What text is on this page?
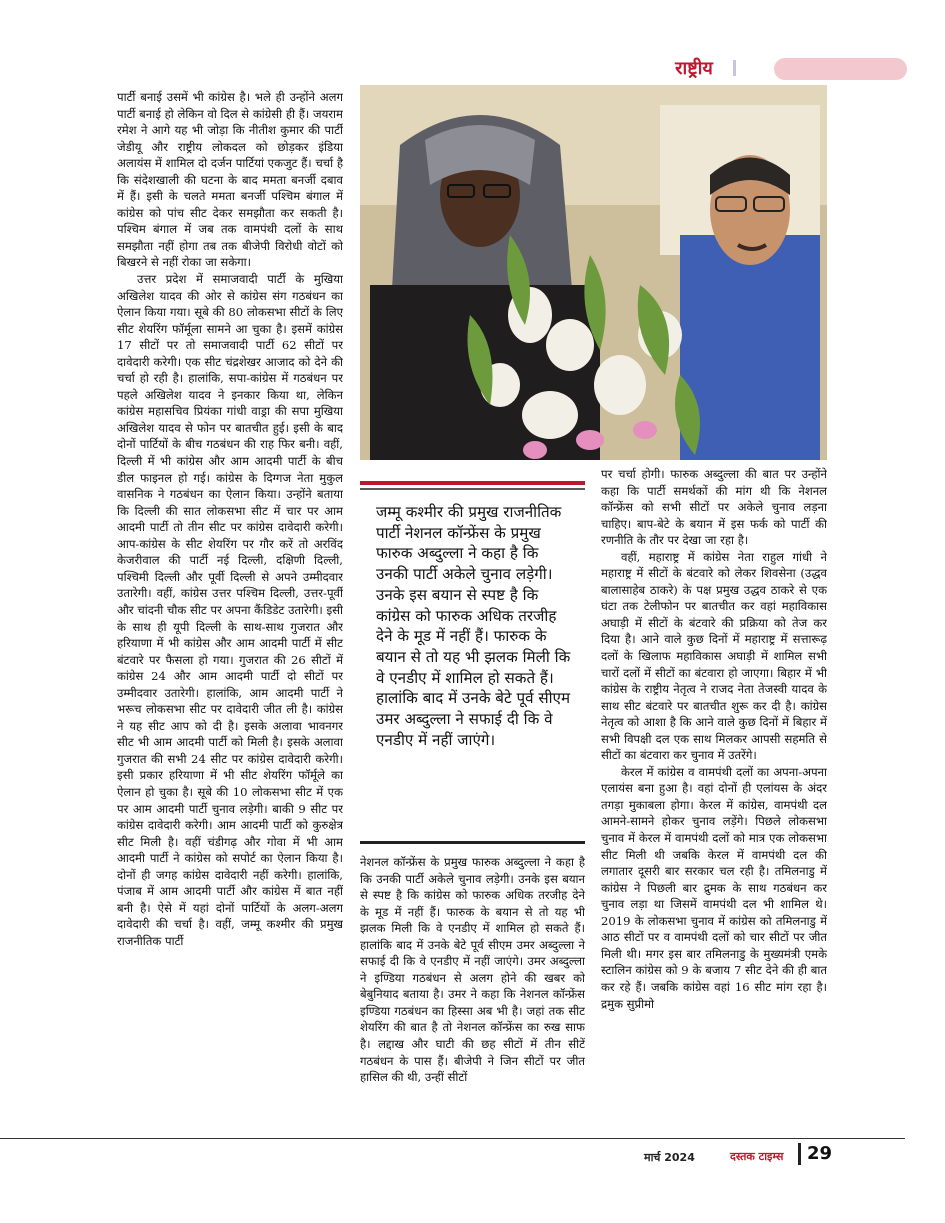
राष्ट्रीय

पार्टी बनाई उसमें भी कांग्रेस है। भले ही उन्होंने अलग पार्टी बनाई हो लेकिन वो दिल से कांग्रेसी ही हैं। जयराम रमेश ने आगे यह भी जोड़ा कि नीतीश कुमार की पार्टी जेडीयू और राष्ट्रीय लोकदल को छोड़कर इंडिया अलायंस में शामिल दो दर्जन पार्टियां एकजुट हैं। चर्चा है कि संदेशखाली की घटना के बाद ममता बनर्जी दबाव में हैं। इसी के चलते ममता बनर्जी पश्चिम बंगाल में कांग्रेस को पांच सीट देकर समझौता कर सकती है। पश्चिम बंगाल में जब तक वामपंथी दलों के साथ समझौता नहीं होगा तब तक बीजेपी विरोधी वोटों को बिखरने से नहीं रोका जा सकेगा।

उत्तर प्रदेश में समाजवादी पार्टी के मुखिया अखिलेश यादव की ओर से कांग्रेस संग गठबंधन का ऐलान किया गया। सूबे की 80 लोकसभा सीटों के लिए सीट शेयरिंग फॉर्मूला सामने आ चुका है। इसमें कांग्रेस 17 सीटों पर तो समाजवादी पार्टी 62 सीटों पर दावेदारी करेगी। एक सीट चंद्रशेखर आजाद को देने की चर्चा हो रही है। हालांकि, सपा-कांग्रेस में गठबंधन पर पहले अखिलेश यादव ने इनकार किया था, लेकिन कांग्रेस महासचिव प्रियंका गांधी वाड्रा की सपा मुखिया अखिलेश यादव से फोन पर बातचीत हुई। इसी के बाद दोनों पार्टियों के बीच गठबंधन की राह फिर बनी। वहीं, दिल्ली में भी कांग्रेस और आम आदमी पार्टी के बीच डील फाइनल हो गई। कांग्रेस के दिग्गज नेता मुकुल वासनिक ने गठबंधन का ऐलान किया। उन्होंने बताया कि दिल्ली की सात लोकसभा सीट में चार पर आम आदमी पार्टी तो तीन सीट पर कांग्रेस दावेदारी करेगी। आप-कांग्रेस के सीट शेयरिंग पर गौर करें तो अरविंद केजरीवाल की पार्टी नई दिल्ली, दक्षिणी दिल्ली, पश्चिमी दिल्ली और पूर्वी दिल्ली से अपने उम्मीदवार उतारेगी। वहीं, कांग्रेस उत्तर पश्चिम दिल्ली, उत्तर-पूर्वी और चांदनी चौक सीट पर अपना कैंडिडेट उतारेगी। इसी के साथ ही यूपी दिल्ली के साथ-साथ गुजरात और हरियाणा में भी कांग्रेस और आम आदमी पार्टी में सीट बंटवारे पर फैसला हो गया। गुजरात की 26 सीटों में कांग्रेस 24 और आम आदमी पार्टी दो सीटों पर उम्मीदवार उतारेगी। हालांकि, आम आदमी पार्टी ने भरूच लोकसभा सीट पर दावेदारी जीत ली है। कांग्रेस ने यह सीट आप को दी है। इसके अलावा भावनगर सीट भी आम आदमी पार्टी को मिली है। इसके अलावा गुजरात की सभी 24 सीट पर कांग्रेस दावेदारी करेगी। इसी प्रकार हरियाणा में भी सीट शेयरिंग फॉर्मूले का ऐलान हो चुका है। सूबे की 10 लोकसभा सीट में एक पर आम आदमी पार्टी चुनाव लड़ेगी। बाकी 9 सीट पर कांग्रेस दावेदारी करेगी। आम आदमी पार्टी को कुरुक्षेत्र सीट मिली है। वहीं चंडीगढ़ और गोवा में भी आम आदमी पार्टी ने कांग्रेस को सपोर्ट का ऐलान किया है। दोनों ही जगह कांग्रेस दावेदारी नहीं करेगी। हालांकि, पंजाब में आम आदमी पार्टी और कांग्रेस में बात नहीं बनी है। ऐसे में यहां दोनों पार्टियों के अलग-अलग दावेदारी की चर्चा है। वहीं, जम्मू कश्मीर की प्रमुख राजनीतिक पार्टी

जम्मू कश्मीर की प्रमुख राजनीतिक पार्टी नेशनल कॉन्फ्रेंस के प्रमुख फारुक अब्दुल्ला ने कहा है कि उनकी पार्टी अकेले चुनाव लड़ेगी। उनके इस बयान से स्पष्ट है कि कांग्रेस को फारुक अधिक तरजीह देने के मूड में नहीं हैं। फारुक के बयान से तो यह भी झलक मिली कि वे एनडीए में शामिल हो सकते हैं। हालांकि बाद में उनके बेटे पूर्व सीएम उमर अब्दुल्ला ने सफाई दी कि वे एनडीए में नहीं जाएंगे।

नेशनल कॉन्फ्रेंस के प्रमुख फारुक अब्दुल्ला ने कहा है कि उनकी पार्टी अकेले चुनाव लड़ेगी। उनके इस बयान से स्पष्ट है कि कांग्रेस को फारुक अधिक तरजीह देने के मूड में नहीं हैं। फारुक के बयान से तो यह भी झलक मिली कि वे एनडीए में शामिल हो सकते हैं। हालांकि बाद में उनके बेटे पूर्व सीएम उमर अब्दुल्ला ने सफाई दी कि वे एनडीए में नहीं जाएंगे। उमर अब्दुल्ला ने इण्डिया गठबंधन से अलग होने की खबर को बेबुनियाद बताया है। उमर ने कहा कि नेशनल कॉन्फ्रेंस इण्डिया गठबंधन का हिस्सा अब भी है। जहां तक सीट शेयरिंग की बात है तो नेशनल कॉन्फ्रेंस का रुख साफ है। लद्दाख और घाटी की छह सीटों में तीन सीटें गठबंधन के पास हैं। बीजेपी ने जिन सीटों पर जीत हासिल की थी, उन्हीं सीटों

पर चर्चा होगी। फारुक अब्दुल्ला की बात पर उन्होंने कहा कि पार्टी समर्थकों की मांग थी कि नेशनल कॉन्फ्रेंस को सभी सीटों पर अकेले चुनाव लड़ना चाहिए। बाप-बेटे के बयान में इस फर्क को पार्टी की रणनीति के तौर पर देखा जा रहा है।

वहीं, महाराष्ट्र में कांग्रेस नेता राहुल गांधी ने महाराष्ट्र में सीटों के बंटवारे को लेकर शिवसेना (उद्धव बालासाहेब ठाकरे) के पक्ष प्रमुख उद्धव ठाकरे से एक घंटा तक टेलीफोन पर बातचीत कर वहां महाविकास अघाड़ी में सीटों के बंटवारे की प्रक्रिया को तेज कर दिया है। आने वाले कुछ दिनों में महाराष्ट्र में सत्तारूढ़ दलों के खिलाफ महाविकास अघाड़ी में शामिल सभी चारों दलों में सीटों का बंटवारा हो जाएगा। बिहार में भी कांग्रेस के राष्ट्रीय नेतृत्व ने राजद नेता तेजस्वी यादव के साथ सीट बंटवारे पर बातचीत शुरू कर दी है। कांग्रेस नेतृत्व को आशा है कि आने वाले कुछ दिनों में बिहार में सभी विपक्षी दल एक साथ मिलकर आपसी सहमति से सीटों का बंटवारा कर चुनाव में उतरेंगे।

केरल में कांग्रेस व वामपंथी दलों का अपना-अपना एलायंस बना हुआ है। वहां दोनों ही एलांयस के अंदर तगड़ा मुकाबला होगा। केरल में कांग्रेस, वामपंथी दल आमने-सामने होकर चुनाव लड़ेंगे। पिछले लोकसभा चुनाव में केरल में वामपंथी दलों को मात्र एक लोकसभा सीट मिली थी जबकि केरल में वामपंथी दल की लगातार दूसरी बार सरकार चल रही है। तमिलनाडु में कांग्रेस ने पिछली बार द्रुमक के साथ गठबंधन कर चुनाव लड़ा था जिसमें वामपंथी दल भी शामिल थे। 2019 के लोकसभा चुनाव में कांग्रेस को तमिलनाडु में आठ सीटों पर व वामपंथी दलों को चार सीटों पर जीत मिली थी। मगर इस बार तमिलनाडु के मुख्यमंत्री एमके स्टालिन कांग्रेस को 9 के बजाय 7 सीट देने की ही बात कर रहे हैं। जबकि कांग्रेस वहां 16 सीट मांग रहा है। द्रमुक सुप्रीमो

मार्च 2024	दस्तक टाइम्स 29
